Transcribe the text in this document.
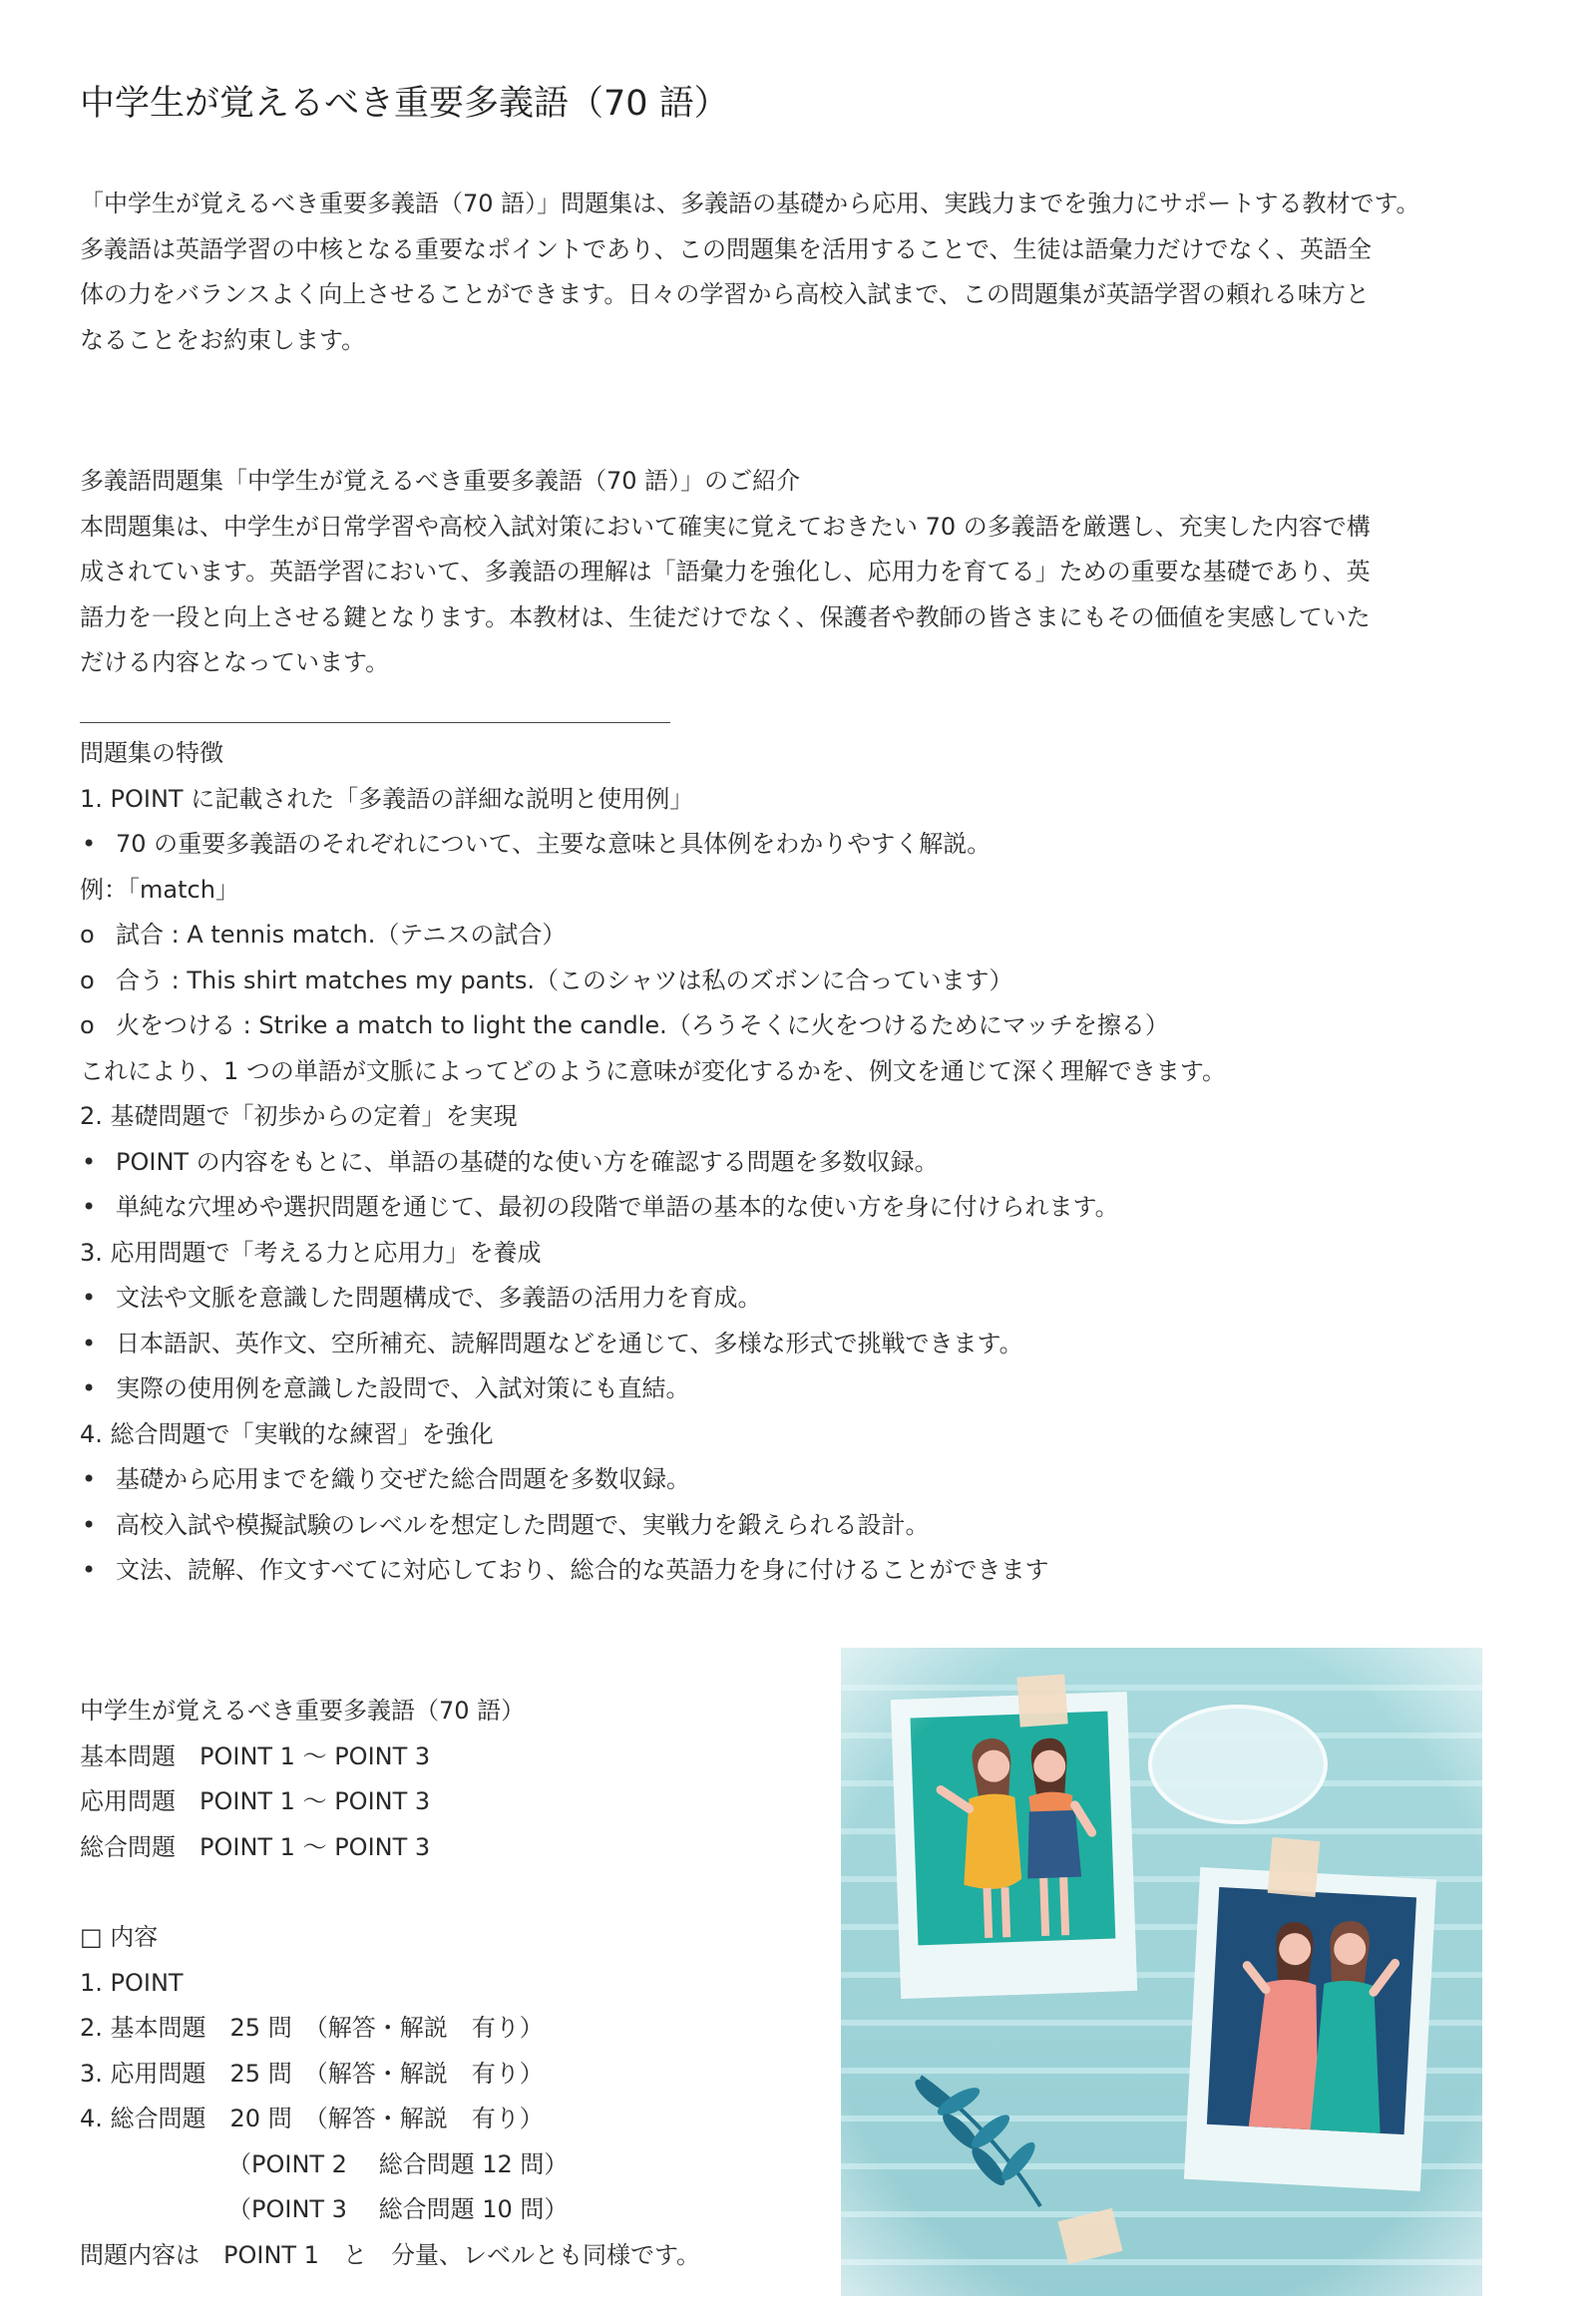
中学生が覚えるべき重要多義語（70 語）

「中学生が覚えるべき重要多義語（70 語）」問題集は、多義語の基礎から応用、実践力までを強力にサポートする教材です。

多義語は英語学習の中核となる重要なポイントであり、この問題集を活用することで、生徒は語彙力だけでなく、英語全

体の力をバランスよく向上させることができます。日々の学習から高校入試まで、この問題集が英語学習の頼れる味方と

なることをお約束します。

多義語問題集「中学生が覚えるべき重要多義語（70 語）」のご紹介

本問題集は、中学生が日常学習や高校入試対策において確実に覚えておきたい 70 の多義語を厳選し、充実した内容で構

成されています。英語学習において、多義語の理解は「語彙力を強化し、応用力を育てる」ための重要な基礎であり、英

語力を一段と向上させる鍵となります。本教材は、生徒だけでなく、保護者や教師の皆さまにもその価値を実感していた

だける内容となっています。

問題集の特徴

1. POINT に記載された「多義語の詳細な説明と使用例」

• 70 の重要多義語のそれぞれについて、主要な意味と具体例をわかりやすく解説。

例：「match」

o 試合 : A tennis match.（テニスの試合）

o 合う : This shirt matches my pants.（このシャツは私のズボンに合っています）

o 火をつける : Strike a match to light the candle.（ろうそくに火をつけるためにマッチを擦る）

これにより、1 つの単語が文脈によってどのように意味が変化するかを、例文を通じて深く理解できます。

2. 基礎問題で「初歩からの定着」を実現

• POINT の内容をもとに、単語の基礎的な使い方を確認する問題を多数収録。

• 単純な穴埋めや選択問題を通じて、最初の段階で単語の基本的な使い方を身に付けられます。

3. 応用問題で「考える力と応用力」を養成

• 文法や文脈を意識した問題構成で、多義語の活用力を育成。

• 日本語訳、英作文、空所補充、読解問題などを通じて、多様な形式で挑戦できます。

• 実際の使用例を意識した設問で、入試対策にも直結。

4. 総合問題で「実戦的な練習」を強化

• 基礎から応用までを織り交ぜた総合問題を多数収録。

• 高校入試や模擬試験のレベルを想定した問題で、実戦力を鍛えられる設計。

• 文法、読解、作文すべてに対応しており、総合的な英語力を身に付けることができます

中学生が覚えるべき重要多義語（70 語）

基本問題　POINT 1 ～ POINT 3

応用問題　POINT 1 ～ POINT 3

総合問題　POINT 1 ～ POINT 3

□ 内容

1. POINT

2. 基本問題　25 問　（解答・解説　有り）

3. 応用問題　25 問　（解答・解説　有り）

4. 総合問題　20 問　（解答・解説　有り）

（POINT 2　 総合問題 12 問）

（POINT 3　 総合問題 10 問）

問題内容は　POINT 1　と　分量、レベルとも同様です。
